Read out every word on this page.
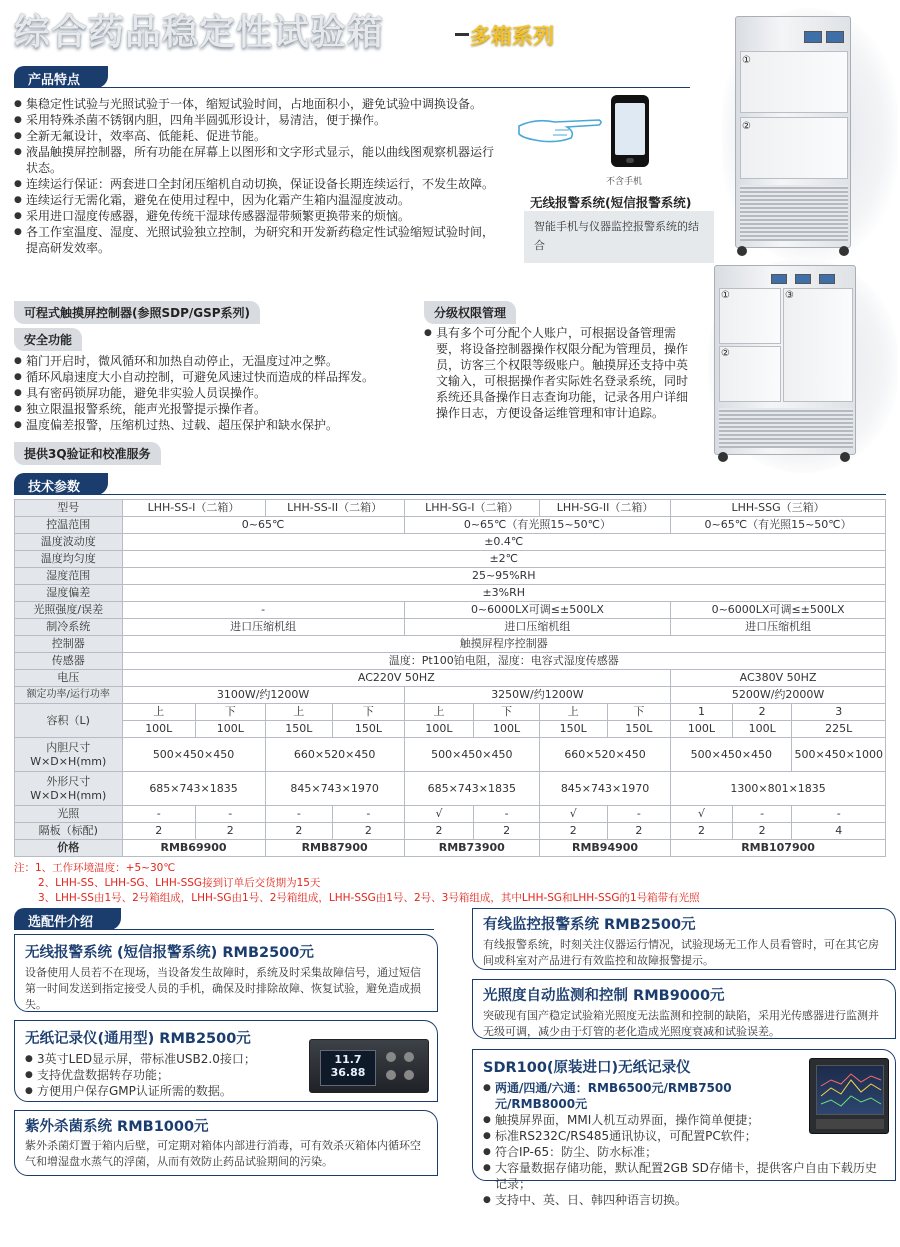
综合药品稳定性试验箱	多箱系列
产品特点
● 集稳定性试验与光照试验于一体，缩短试验时间，占地面积小，避免试验中调换设备。
● 采用特殊杀菌不锈钢内胆，四角半圆弧形设计，易清洁，便于操作。
● 全新无氟设计，效率高、低能耗、促进节能。
● 液晶触摸屏控制器，所有功能在屏幕上以图形和文字形式显示，能以曲线图观察机器运行状态。
● 连续运行保证：两套进口全封闭压缩机自动切换，保证设备长期连续运行，不发生故障。
● 连续运行无需化霜，避免在使用过程中，因为化霜产生箱内温湿度波动。
● 采用进口湿度传感器，避免传统干湿球传感器湿带频繁更换带来的烦恼。
● 各工作室温度、湿度、光照试验独立控制，为研究和开发新药稳定性试验缩短试验时间，提高研发效率。
可程式触摸屏控制器(参照SDP/GSP系列)
安全功能
● 箱门开启时，微风循环和加热自动停止，无温度过冲之弊。
● 循环风扇速度大小自动控制，可避免风速过快而造成的样品挥发。
● 具有密码锁屏功能，避免非实验人员误操作。
● 独立限温报警系统，能声光报警提示操作者。
● 温度偏差报警，压缩机过热、过载、超压保护和缺水保护。
提供3Q验证和校准服务
分级权限管理
● 具有多个可分配个人账户，可根据设备管理需要，将设备控制器操作权限分配为管理员，操作员，访客三个权限等级账户。触摸屏还支持中英文输入，可根据操作者实际姓名登录系统，同时系统还具备操作日志查询功能，记录各用户详细操作日志，方便设备运维管理和审计追踪。
不含手机
无线报警系统(短信报警系统)
智能手机与仪器监控报警系统的结合
①
②
①
②
③
技术参数
型号	LHH-SS-I（二箱）		LHH-SS-II（二箱）		LHH-SG-I（二箱）		LHH-SG-II（二箱）		LHH-SSG（三箱）		
控温范围	0~65℃				0~65℃（有光照15~50℃）				0~65℃（有光照15~50℃）		
温度波动度	±0.4℃										
温度均匀度	±2℃										
湿度范围	25~95%RH										
湿度偏差	±3%RH										
光照强度/误差	-				0~6000LX可调≤±500LX				0~6000LX可调≤±500LX		
制冷系统	进口压缩机组				进口压缩机组				进口压缩机组		
控制器	触摸屏程序控制器										
传感器	温度：Pt100铂电阻，湿度：电容式湿度传感器										
电压	AC220V 50HZ								AC380V 50HZ		
额定功率/运行功率	3100W/约1200W				3250W/约1200W				5200W/约2000W		
容积（L)	上	下	上	下	上	下	上	下	1	2	3
	100L	100L	150L	150L	100L	100L	150L	150L	100L	100L	225L
内胆尺寸
W×D×H(mm)	500×450×450		660×520×450		500×450×450		660×520×450		500×450×450		500×450×1000
外形尺寸
W×D×H(mm)	685×743×1835		845×743×1970		685×743×1835		845×743×1970		1300×801×1835		
光照	-	-	-	-	√	-	√	-	√	-	-
隔板（标配)	2	2	2	2	2	2	2	2	2	2	4
价格	RMB69900		RMB87900		RMB73900		RMB94900		RMB107900		
注：1、工作环境温度：+5~30℃
2、LHH-SS、LHH-SG、LHH-SSG接到订单后交货期为15天
3、LHH-SS由1号、2号箱组成，LHH-SG由1号、2号箱组成，LHH-SSG由1号、2号、3号箱组成，其中LHH-SG和LHH-SSG的1号箱带有光照
选配件介绍
无线报警系统 (短信报警系统) RMB2500元
设备使用人员若不在现场，当设备发生故障时，系统及时采集故障信号，通过短信第一时间发送到指定接受人员的手机，确保及时排除故障、恢复试验，避免造成损失。
无纸记录仪(通用型) RMB2500元
● 3英寸LED显示屏，带标准USB2.0接口；
● 支持优盘数据转存功能；
● 方便用户保存GMP认证所需的数据。
11.7
36.88
紫外杀菌系统 RMB1000元
紫外杀菌灯置于箱内后壁，可定期对箱体内部进行消毒，可有效杀灭箱体内循环空气和增湿盘水蒸气的浮菌，从而有效防止药品试验期间的污染。
有线监控报警系统 RMB2500元
有线报警系统，时刻关注仪器运行情况，试验现场无工作人员看管时，可在其它房间或科室对产品进行有效监控和故障报警提示。
光照度自动监测和控制 RMB9000元
突破现有国产稳定试验箱光照度无法监测和控制的缺陷，采用光传感器进行监测并无级可调，减少由于灯管的老化造成光照度衰减和试验误差。
SDR100(原装进口)无纸记录仪
● 两通/四通/六通：RMB6500元/RMB7500元/RMB8000元
● 触摸屏界面，MMI人机互动界面，操作简单便捷；
● 标准RS232C/RS485通讯协议，可配置PC软件；
● 符合IP-65：防尘、防水标准；
● 大容量数据存储功能，默认配置2GB SD存储卡，提供客户自由下载历史记录；
● 支持中、英、日、韩四种语言切换。
